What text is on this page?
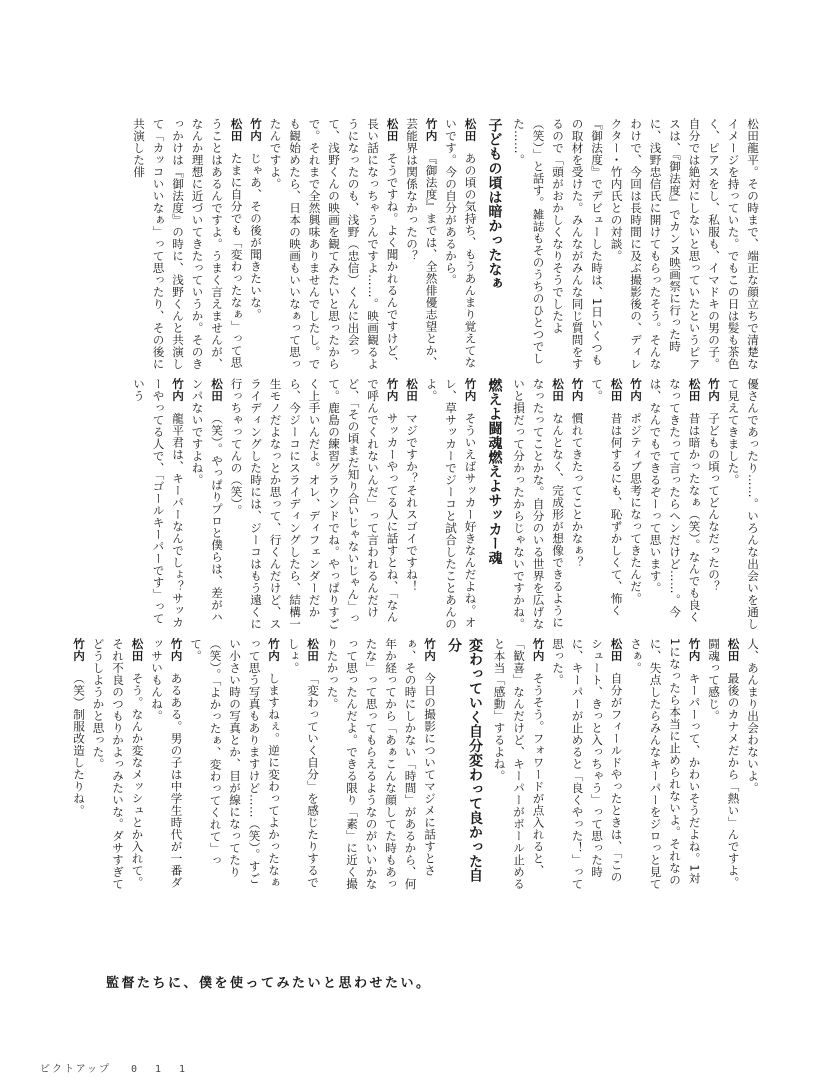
松田龍平。その時まで、端正な顔立ちで清楚なイメージを持っていた。でもこの日は髪も茶色く、ピアスをし、私服も、イマドキの男の子。自分では絶対にしないと思っていたというピアスは、『御法度』でカンヌ映画祭に行った時に、浅野忠信氏に開けてもらったそう。そんなわけで、今回は長時間に及ぶ撮影後の、ディレクター・竹内氏との対談。

『御法度』でデビューした時は、1日いくつもの取材を受けた。みんながみんな同じ質問をするので「頭がおかしくなりそうでしたよ（笑）」と話す。雑誌もそのうちのひとつでした……。

子どもの頃は暗かったなぁ

松田あの頃の気持ち、もうあんまり覚えてないです。今の自分があるから。

竹内『御法度』までは、全然俳優志望とか、芸能界は関係なかったの？

松田そうですね。よく聞かれるんですけど、長い話になっちゃうんですよ……。映画観るようになったのも、浅野（忠信）くんに出会って、浅野くんの映画を観てみたいと思ったからで。それまで全然興味ありませんでしたし。でも観始めたら、日本の映画もいいなぁって思ったんですよ。

竹内じゃあ、その後が聞きたいな。

松田たまに自分でも「変わったなぁ」って思うことはあるんですよ。うまく言えませんが、なんか理想に近づいてきたっていうか。そのきっかけは『御法度』の時に、浅野くんと共演して「カッコいいなぁ」って思ったり、その後に共演した俳

優さんであったり……。いろんな出会いを通して見えてきました。

竹内子どもの頃ってどんなだったの？

松田昔は暗かったなぁ（笑）。なんでも良くなってきたって言ったらヘンだけど……。今は、なんでもできるぞーって思います。

竹内ポジティブ思考になってきたんだ。

松田昔は何するにも、恥ずかしくて、怖くて。

竹内慣れてきたってことかなぁ？

松田なんとなく、完成形が想像できるようになったってことかな。自分のいる世界を広げないと損だって分かったからじゃないですかね。

燃えよ闘魂燃えよサッカー魂

竹内そういえばサッカー好きなんだよね。オレ、草サッカーでジーコと試合したことあんのよ。

松田マジですか？それスゴイですね！

竹内サッカーやってる人に話すとね、「なんで呼んでくれないんだ」って言われるんだけど、「その頃まだ知り合いじゃないじゃん」って。鹿島の練習グラウンドでね。やっぱりすごく上手いんだよ。オレ、ディフェンダーだから、今ジーコにスライディングしたら、結構一生モノだよなっとか思って、行くんだけど、スライディングした時には、ジーコはもう遠くに行っちゃってんの（笑）。

松田（笑）。やっぱりプロと僕らは、差がハンパないですよね。

竹内龍平君は、キーパーなんでしょ？サッカーやってる人で、「ゴールキーパーです」っていう

人、あんまり出会わないよ。

松田最後のカナメだから「熱い」んですよ。闘魂って感じ。

竹内キーパーって、かわいそうだよね。1対1になったら本当に止められないよ。それなのに、失点したらみんなキーパーをジロっと見てさぁ。

松田自分がフィールドやったときは、「このシュート、きっと入っちゃう」って思った時に、キーパーが止めると「良くやった！」って思った。

竹内そうそう。フォワードが点入れると、「歓喜」なんだけど、キーパーがボール止めると本当「感動」するよね。

変わっていく自分変わって良かった自分

竹内今日の撮影についてマジメに話すとさぁ、その時にしかない「時間」があるから、何年か経ってから「あぁこんな顔してた時もあったな」って思ってもらえるようなのがいいかなって思ったんだよ。できる限り「素」に近く撮りたかった。

松田「変わっていく自分」を感じたりするでしょ。

竹内しますねぇ。逆に変わってよかったなぁって思う写真もありますけど……（笑）。すごい小さい時の写真とか、目が線になってたり（笑）。「よかったぁ、変わってくれて」って。

竹内あるある。男の子は中学生時代が一番ダッサいもんね。

松田そう。なんか変なメッシュとか入れて。それ不良のつもりかよっみたいな。ダサすぎてどうしようかと思った。

竹内（笑）制服改造したりね。

監督たちに、僕を使ってみたいと思わせたい。
ピクトアップ 011
